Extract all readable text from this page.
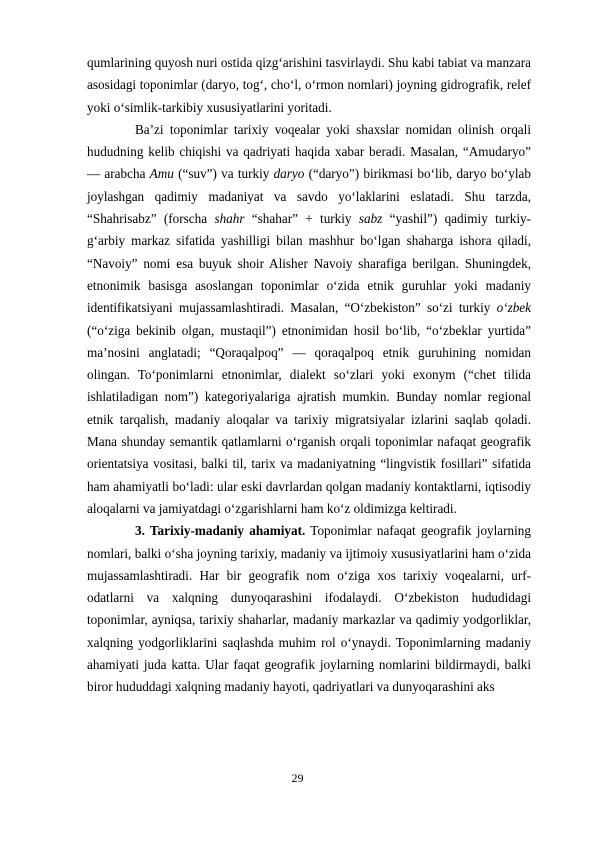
qumlarining quyosh nuri ostida qizg‘arishini tasvirlaydi. Shu kabi tabiat va manzara asosidagi toponimlar (daryo, tog‘, cho‘l, o‘rmon nomlari) joyning gidrografik, relef yoki o‘simlik-tarkibiy xususiyatlarini yoritadi.

Ba’zi toponimlar tarixiy voqealar yoki shaxslar nomidan olinish orqali hududning kelib chiqishi va qadriyati haqida xabar beradi. Masalan, “Amudaryo” — arabcha Amu (“suv”) va turkiy daryo (“daryo”) birikmasi bo‘lib, daryo bo‘ylab joylashgan qadimiy madaniyat va savdo yo‘laklarini eslatadi. Shu tarzda, “Shahrisabz” (forscha shahr “shahar” + turkiy sabz “yashil”) qadimiy turkiy-g‘arbiy markaz sifatida yashilligi bilan mashhur bo‘lgan shaharga ishora qiladi, “Navoiy” nomi esa buyuk shoir Alisher Navoiy sharafiga berilgan. Shuningdek, etnonimik basisga asoslangan toponimlar o‘zida etnik guruhlar yoki madaniy identifikatsiyani mujassamlashtiradi. Masalan, “O‘zbekiston” so‘zi turkiy o‘zbek (“o‘ziga bekinib olgan, mustaqil”) etnonimidan hosil bo‘lib, “o‘zbeklar yurtida” ma’nosini anglatadi; “Qoraqalpoq” — qoraqalpoq etnik guruhining nomidan olingan. To‘ponimlarni etnonimlar, dialekt so‘zlari yoki exonym (“chet tilida ishlatiladigan nom”) kategoriyalariga ajratish mumkin. Bunday nomlar regional etnik tarqalish, madaniy aloqalar va tarixiy migratsiyalar izlarini saqlab qoladi. Mana shunday semantik qatlamlarni o‘rganish orqali toponimlar nafaqat geografik orientatsiya vositasi, balki til, tarix va madaniyatning “lingvistik fosillari” sifatida ham ahamiyatli bo‘ladi: ular eski davrlardan qolgan madaniy kontaktlarni, iqtisodiy aloqalarni va jamiyatdagi o‘zgarishlarni ham ko‘z oldimizga keltiradi.

3. Tarixiy-madaniy ahamiyat. Toponimlar nafaqat geografik joylarning nomlari, balki o‘sha joyning tarixiy, madaniy va ijtimoiy xususiyatlarini ham o‘zida mujassamlashtiradi. Har bir geografik nom o‘ziga xos tarixiy voqealarni, urf-odatlarni va xalqning dunyoqarashini ifodalaydi. O‘zbekiston hududidagi toponimlar, ayniqsa, tarixiy shaharlar, madaniy markazlar va qadimiy yodgorliklar, xalqning yodgorliklarini saqlashda muhim rol o‘ynaydi. Toponimlarning madaniy ahamiyati juda katta. Ular faqat geografik joylarning nomlarini bildirmaydi, balki biror hududdagi xalqning madaniy hayoti, qadriyatlari va dunyoqarashini aks

29
